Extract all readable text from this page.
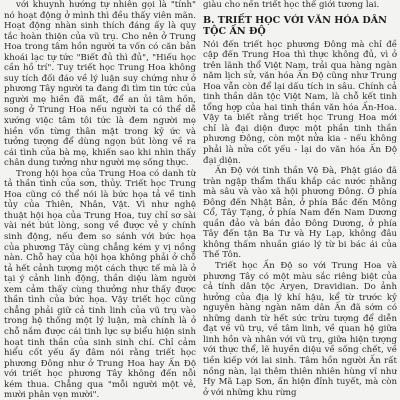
với khuynh hướng tự nhiên gọi là "tính" nó hoạt động ở mình thì đều thấy viên mãn. Hoạt động nhàn sinh thích đáng ấy là quy tắc hoàn thiện của vũ trụ. Cho nên ở Trung Hoa trong tâm hồn người ta vốn có căn bản khoái lạc tự tức "Biết đủ thì đủ", "Hiếu học cần hồ trí". Tuy triết học Trung Hoa không suy tích đối đáo về lý luận suy chứng như ở phương Tây người ta đang đi tìm tin tức của người mẹ hiền đã mất, để an ủi tâm hồn, song ở Trung Hoa nếu người ta có thể dễ xướng việc tâm tôi tức là đem người mẹ hiền vốn từng thân mật trong kỷ ức và tưởng tượng để dùng ngọn bút lòng về ra cái tình của bà mẹ, khiến sao khi nhìn thấy chân dung tưởng như người mẹ sống thực.

Trong hội họa của Trung Hoa có danh từ tả thần tình của sơn, thủy. Triết học Trung Hoa cũng có thể nói là bức họa tả về tinh tủy của Thiên, Nhân, Vật. Vì như nghệ thuật hội họa của Trung Hoa, tuy chỉ sơ sài vài nét bút lòng, song về được vẻ y chính sinh động, nếu đem so sánh với bức họa của phương Tây cùng chẳng kém y vị nồng nàn. Chỗ hay của hội họa không phải ở chỗ tả hết cảnh tượng một cách thực tế mà là ở tại ý cảnh linh động, thần diệu làm người xem cảm thấy cùng thưởng như thấy được thần tình của bức họa. Vậy triết học cũng chẳng phải giữ cả tinh linh của vũ trụ vào trong hệ thống một lý luận, mà chính là ở chỗ nắm được cái tinh lực sự biểu hiện sinh hoạt tinh thần của sinh sinh chí. Chỉ cảm hiểu cốt yếu ấy đâm nói rằng triết học phương Đông như ở Trung Hoa hay Ấn Độ với triết học phương Tây không đến nỗi kém thua. Chẳng qua "mỗi người một vẻ, mười phân vẹn mười".

giàu cho nền triết học thế giới tương lai.

B. TRIẾT HỌC VỚI VĂN HÓA DÂN TỘC ẤN ĐỘ

Nói đến triết học phương Đông mà chỉ đề cập đến Trung Hoa thì thực không đủ, vì ở trên lãnh thổ Việt Nam, trải qua hàng ngàn năm lịch sử, văn hóa Ấn Độ cũng như Trung Hoa vẫn còn để lại dấu tích in sâu. Chính cả tinh thần dân tộc Việt Nam, là chỗ kết tinh tổng hợp của hai tinh thần văn hóa Ấn-Hoa. Vậy ta biết rằng triết học Trung Hoa mới chỉ là đại diện được một phần tinh thần phương Đông, còn một nửa kia - nếu không phải là nửa cốt yếu - lại do văn hóa Ấn Độ đại diện.

Ấn Độ với tinh thần Vệ Đà, Phật giáo đã tràn ngập thẩm thấu khắp các nước nhằng mà sâu và vào xã hội phương Đông. Ở phía Đông đến Nhật Bản, ở phía Bắc đến Mông Cổ, Tây Tạng, ở phía Nam đến Nam Dương quần đảo và bán đảo Đông Dương, ở phía Tây đến tận Ba Tư và Hy Lạp, không đâu không thấm nhuần giáo lý từ bi bác ái của Thế Tôn.

Triết học Ấn Độ so với Trung Hoa và phương Tây có một màu sắc riêng biệt của cả tính dân tộc Aryen, Dravidian. Do ảnh hưởng của địa lý khí hậu, kể từ trước kỷ nguyên hàng ngàn năm dân Ấn đã sớm có những danh từ hết sức trừu tượng để diễn đạt về vũ trụ, về tâm linh, về quan hệ giữa linh hồn và nhân với vũ trụ, giữa hiện tượng với thực thể, lẽ huyền diệu về sống chết, về tiền kiếp với lai sinh. Tâm hồn người Ấn rất nồng nàn, lại thêm thiên nhiên hùng vĩ như Hy Mã Lạp Sơn, ấn hiện đỉnh tuyết, mà còn ở với những khu rừng
